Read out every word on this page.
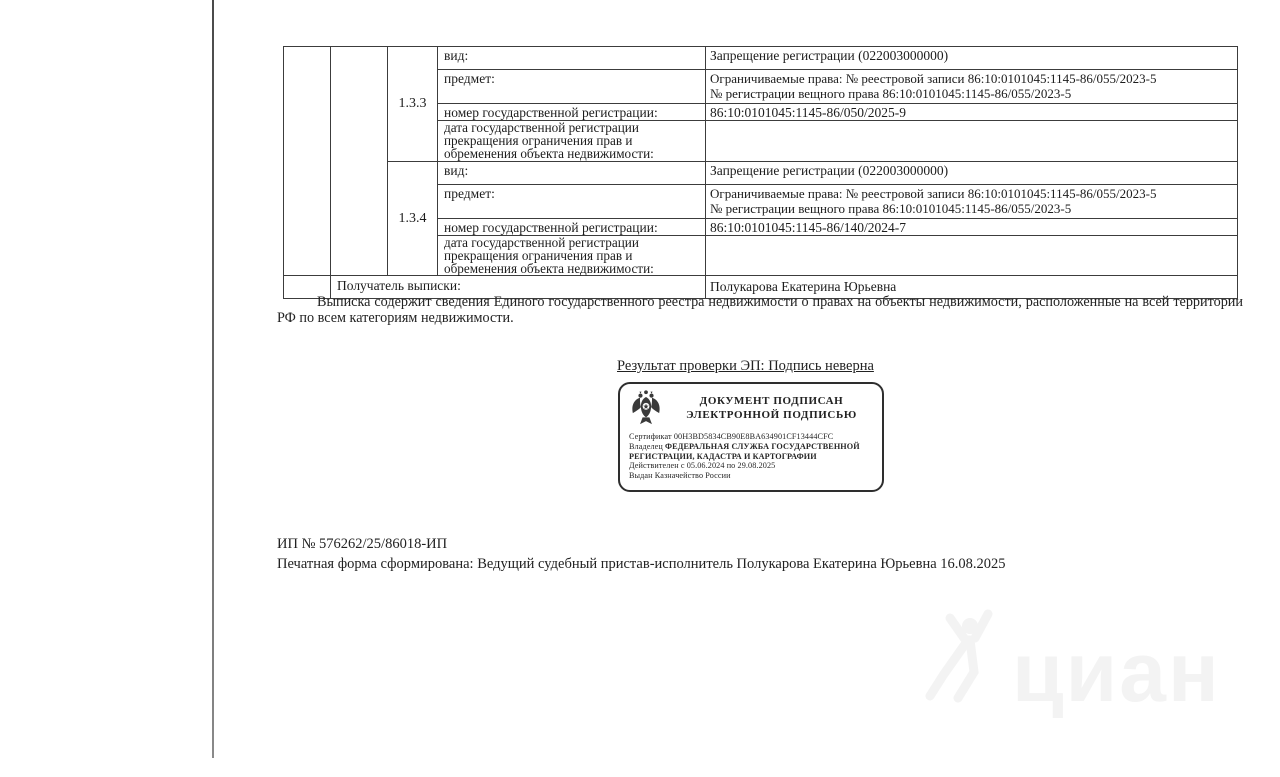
		1.3.3	вид:	Запрещение регистрации (022003000000)
			предмет:	Ограничиваемые права: № реестровой записи 86:10:0101045:1145-86/055/2023-5
№ регистрации вещного права 86:10:0101045:1145-86/055/2023-5

			номер государственной регистрации:	86:10:0101045:1145-86/050/2025-9
			дата государственной регистрации прекращения ограничения прав и обременения объекта недвижимости:	
		1.3.4	вид:	Запрещение регистрации (022003000000)
			предмет:	Ограничиваемые права: № реестровой записи 86:10:0101045:1145-86/055/2023-5
№ регистрации вещного права 86:10:0101045:1145-86/055/2023-5

			номер государственной регистрации:	86:10:0101045:1145-86/140/2024-7
			дата государственной регистрации прекращения ограничения прав и обременения объекта недвижимости:	
	Получатель выписки:			Полукарова Екатерина Юрьевна
Выписка содержит сведения Единого государственного реестра недвижимости о правах на объекты недвижимости, расположенные на всей территории РФ по всем категориям недвижимости.
Результат проверки ЭП: Подпись неверна
ДОКУМЕНТ ПОДПИСАН
ЭЛЕКТРОННОЙ ПОДПИСЬЮ
Сертификат 00H3BD5834CB90E8BA634901CF13444CFC
Владелец ФЕДЕРАЛЬНАЯ СЛУЖБА ГОСУДАРСТВЕННОЙ РЕГИСТРАЦИИ, КАДАСТРА И КАРТОГРАФИИ
Действителен с 05.06.2024 по 29.08.2025
Выдан Казначейство России
ИП № 576262/25/86018-ИП
Печатная форма сформирована: Ведущий судебный пристав-исполнитель Полукарова Екатерина Юрьевна 16.08.2025
циан
